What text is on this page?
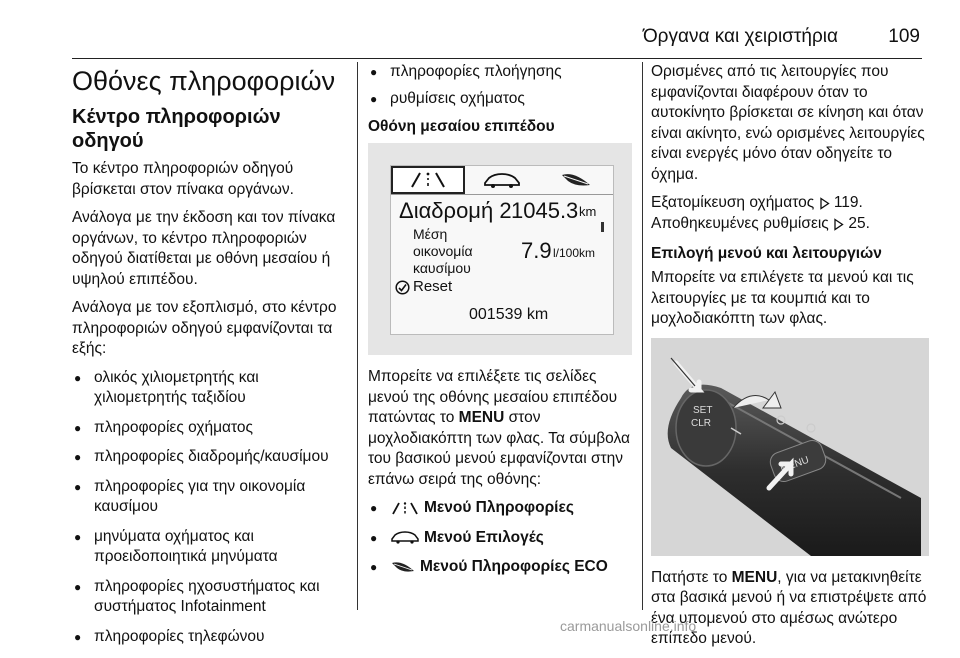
Όργανα και χειριστήρια	109
Οθόνες πληροφοριών
Κέντρο πληροφοριών οδηγού

Το κέντρο πληροφοριών οδηγού βρίσκεται στον πίνακα οργάνων.

Ανάλογα με την έκδοση και τον πίνακα οργάνων, το κέντρο πληροφοριών οδηγού διατίθεται με οθόνη μεσαίου ή υψηλού επιπέδου.

Ανάλογα με τον εξοπλισμό, στο κέντρο πληροφοριών οδηγού εμφανίζονται τα εξής:

● ολικός χιλιομετρητής και χιλιομετρητής ταξιδίου
● πληροφορίες οχήματος
● πληροφορίες διαδρομής/καυσίμου
● πληροφορίες για την οικονομία καυσίμου
● μηνύματα οχήματος και προειδοποιητικά μηνύματα
● πληροφορίες ηχοσυστήματος και συστήματος Infotainment
● πληροφορίες τηλεφώνου
● πληροφορίες πλοήγησης
● ρυθμίσεις οχήματος
Οθόνη μεσαίου επιπέδου
Διαδρομή 2 1045.3 km
Μέση
οικονομία
καυσίμου
7.9 l/100km
Reset
001539 km

Μπορείτε να επιλέξετε τις σελίδες μενού της οθόνης μεσαίου επιπέδου πατώντας το MENU στον μοχλοδιακόπτη των φλας. Τα σύμβολα του βασικού μενού εμφανίζονται στην επάνω σειρά της οθόνης:

● Μενού Πληροφορίες
● Μενού Επιλογές
● Μενού Πληροφορίες ECO

Ορισμένες από τις λειτουργίες που εμφανίζονται διαφέρουν όταν το αυτοκίνητο βρίσκεται σε κίνηση και όταν είναι ακίνητο, ενώ ορισμένες λειτουργίες είναι ενεργές μόνο όταν οδηγείτε το όχημα.

Εξατομίκευση οχήματος  119. Αποθηκευμένες ρυθμίσεις  25.

Επιλογή μενού και λειτουργιών

Μπορείτε να επιλέγετε τα μενού και τις λειτουργίες με τα κουμπιά και το μοχλοδιακόπτη των φλας.

SET
CLR
MENU

Πατήστε το MENU, για να μετακινηθείτε στα βασικά μενού ή να επιστρέψετε από ένα υπομενού στο αμέσως ανώτερο επίπεδο μενού.

carmanualsonline.info
